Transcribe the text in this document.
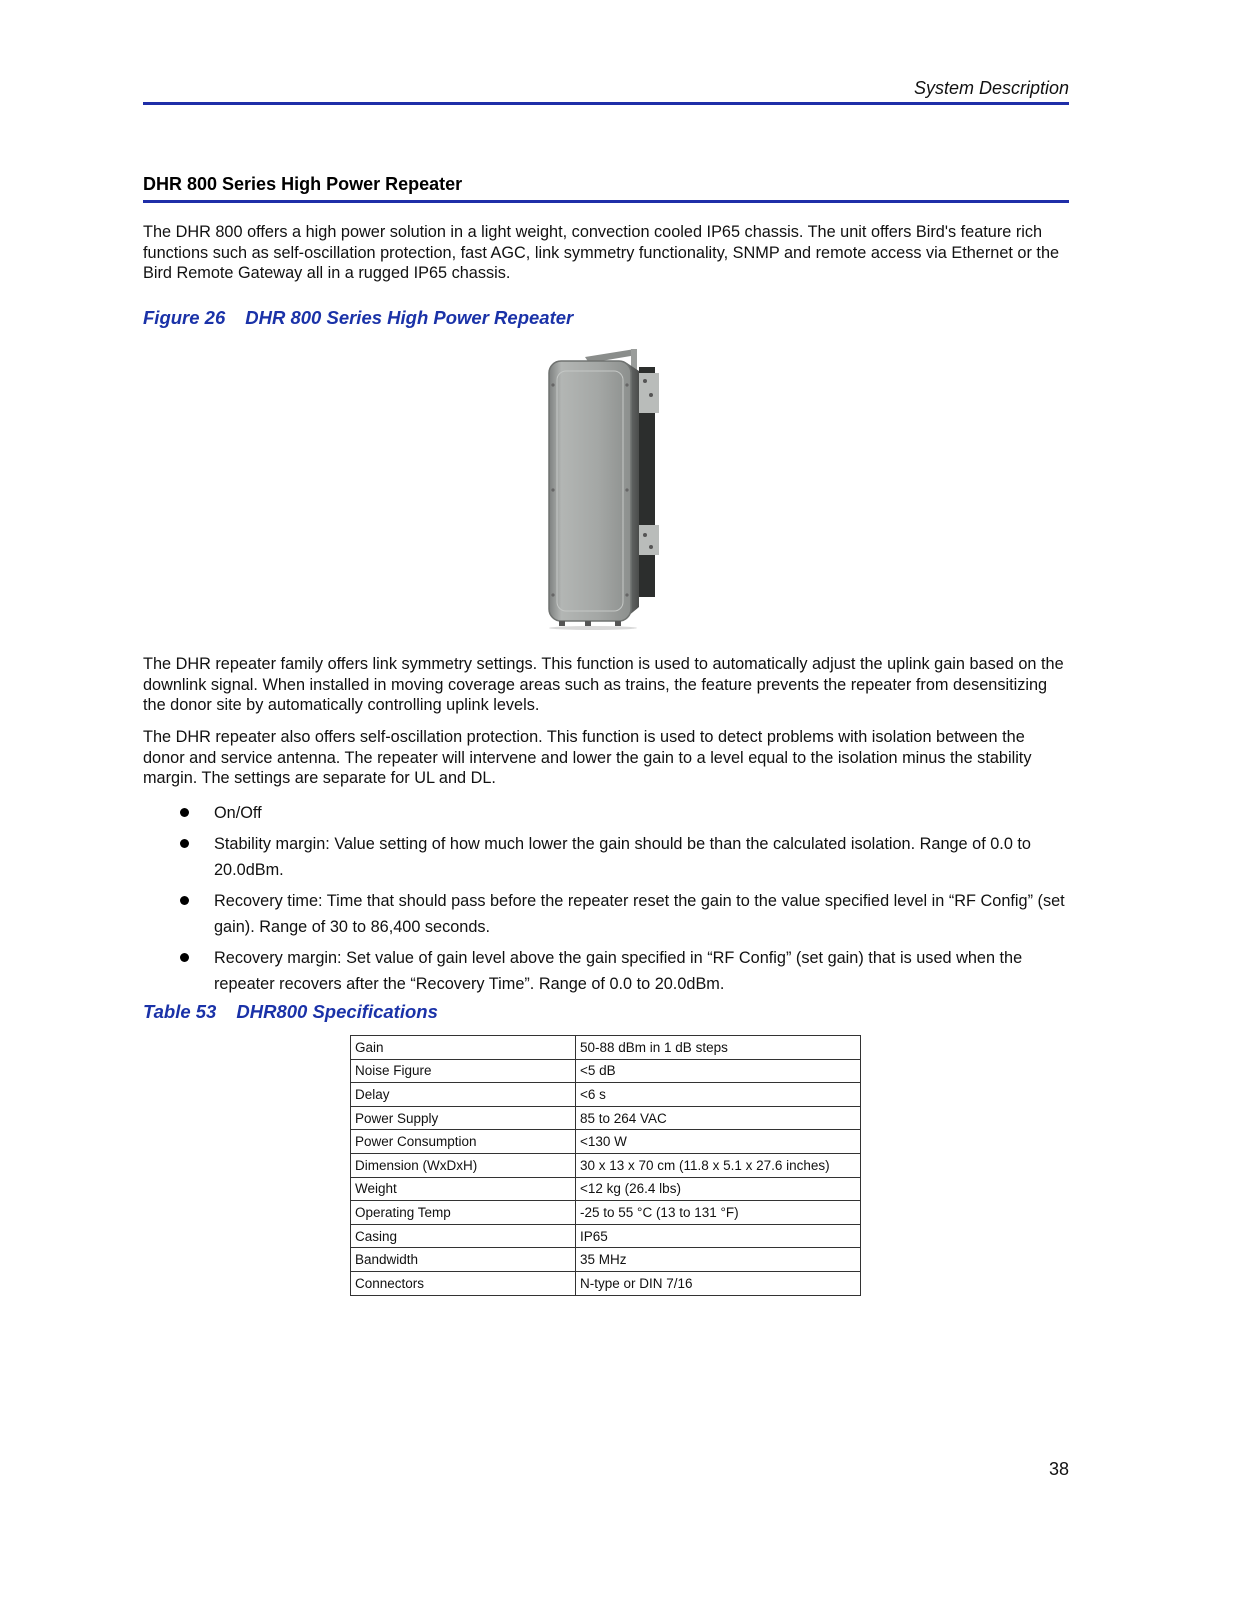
System Description
DHR 800 Series High Power Repeater

The DHR 800 offers a high power solution in a light weight, convection cooled IP65 chassis. The unit offers Bird's feature rich functions such as self-oscillation protection, fast AGC, link symmetry functionality, SNMP and remote access via Ethernet or the Bird Remote Gateway all in a rugged IP65 chassis.

Figure 26 DHR 800 Series High Power Repeater

The DHR repeater family offers link symmetry settings. This function is used to automatically adjust the uplink gain based on the downlink signal. When installed in moving coverage areas such as trains, the feature prevents the repeater from desensitizing the donor site by automatically controlling uplink levels.

The DHR repeater also offers self-oscillation protection. This function is used to detect problems with isolation between the donor and service antenna. The repeater will intervene and lower the gain to a level equal to the isolation minus the stability margin. The settings are separate for UL and DL.

On/Off
Stability margin: Value setting of how much lower the gain should be than the calculated isolation. Range of 0.0 to 20.0dBm.
Recovery time: Time that should pass before the repeater reset the gain to the value specified level in “RF Config” (set gain). Range of 30 to 86,400 seconds.
Recovery margin: Set value of gain level above the gain specified in “RF Config” (set gain) that is used when the repeater recovers after the “Recovery Time”. Range of 0.0 to 20.0dBm.
Table 53 DHR800 Specifications
Gain	50-88 dBm in 1 dB steps
Noise Figure	<5 dB
Delay	<6 s
Power Supply	85 to 264 VAC
Power Consumption	<130 W
Dimension (WxDxH)	30 x 13 x 70 cm (11.8 x 5.1 x 27.6 inches)
Weight	<12 kg (26.4 lbs)
Operating Temp	-25 to 55 °C (13 to 131 °F)
Casing	IP65
Bandwidth	35 MHz
Connectors	N-type or DIN 7/16
38
